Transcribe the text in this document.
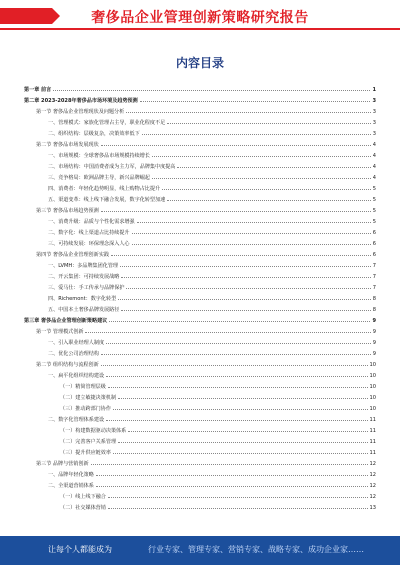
奢侈品企业管理创新策略研究报告
内容目录
第一章 前言	1
第二章 2023-2028年奢侈品市场环境及趋势预测	3
第一节 奢侈品企业管理现状及问题分析	3
一、管理模式：家族化管理占主导，职业化程度不足	3
二、组织结构：层级复杂，决策效率低下	3
第二节 奢侈品市场发展现状	4
一、市场规模：全球奢侈品市场规模持续增长	4
二、市场结构：中国消费者成为主力军，品牌集中度提高	4
三、竞争格局：欧洲品牌主导，新兴品牌崛起	4
四、消费者：年轻化趋势明显，线上购物占比提升	5
五、渠道变革：线上线下融合发展，数字化转型加速	5
第三节 奢侈品市场趋势预测	5
一、消费升级：品质与个性化需求增强	5
二、数字化：线上渠道占比持续提升	6
三、可持续发展：环保理念深入人心	6
第四节 奢侈品企业管理创新实践	6
一、LVMH：多品牌集团化管理	7
二、开云集团：可持续发展战略	7
三、爱马仕：手工传承与品牌保护	7
四、Richemont：数字化转型	8
五、中国本土奢侈品牌发展路径	8
第三章 奢侈品企业管理创新策略建议	9
第一节 管理模式创新	9
一、引入职业经理人制度	9
二、优化公司治理结构	9
第二节 组织结构与流程创新	10
一、扁平化组织结构建设	10
（一）精简管理层级	10
（二）建立敏捷决策机制	10
（三）推动跨部门协作	10
二、数字化管理体系建设	11
（一）构建数据驱动决策体系	11
（二）完善客户关系管理	11
（三）提升供应链效率	11
第三节 品牌与营销创新	12
一、品牌年轻化策略	12
二、全渠道营销体系	12
（一）线上线下融合	12
（二）社交媒体营销	13
让每个人都能成为	行业专家、管理专家、营销专家、战略专家、成功企业家……
